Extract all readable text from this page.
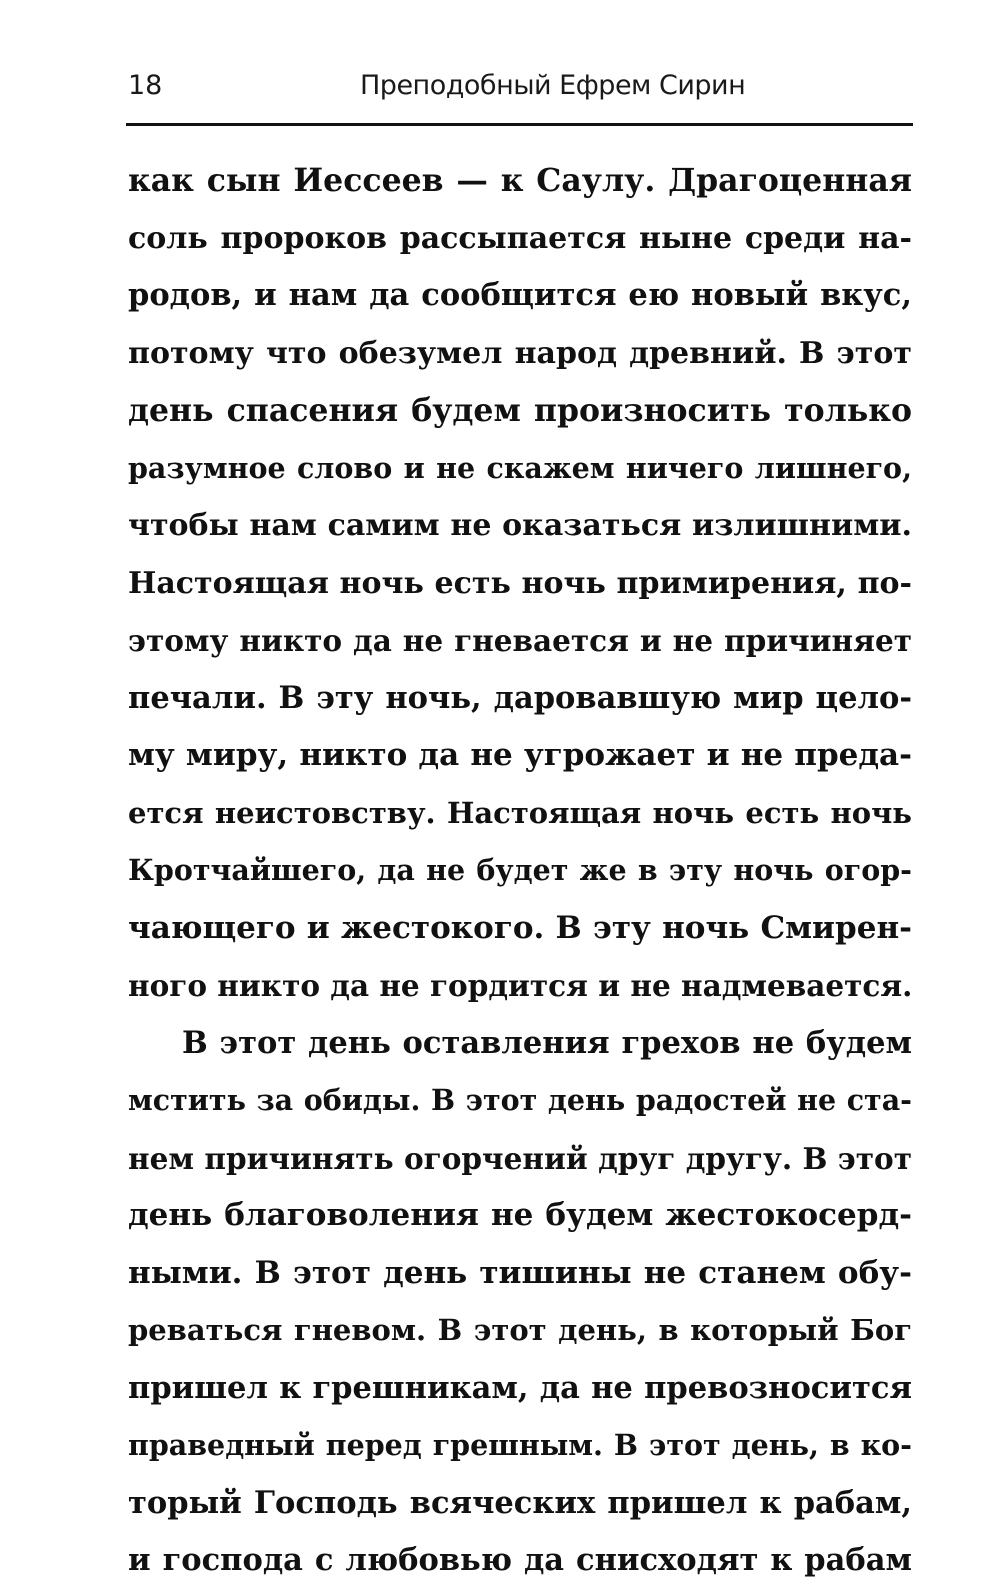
18	Преподобный Ефрем Сирин
как сын Иессеев — к Саулу. Драгоценная
соль пророков рассыпается ныне среди на-
родов, и нам да сообщится ею новый вкус,
потому что обезумел народ древний. В этот
день спасения будем произносить только
разумное слово и не скажем ничего лишнего,
чтобы нам самим не оказаться излишними.
Настоящая ночь есть ночь примирения, по-
этому никто да не гневается и не причиняет
печали. В эту ночь, даровавшую мир цело-
му миру, никто да не угрожает и не преда-
ется неистовству. Настоящая ночь есть ночь
Кротчайшего, да не будет же в эту ночь огор-
чающего и жестокого. В эту ночь Смирен-
ного никто да не гордится и не надмевается.
В этот день оставления грехов не будем
мстить за обиды. В этот день радостей не ста-
нем причинять огорчений друг другу. В этот
день благоволения не будем жестокосерд-
ными. В этот день тишины не станем обу-
реваться гневом. В этот день, в который Бог
пришел к грешникам, да не превозносится
праведный перед грешным. В этот день, в ко-
торый Господь всяческих пришел к рабам,
и господа с любовью да снисходят к рабам
